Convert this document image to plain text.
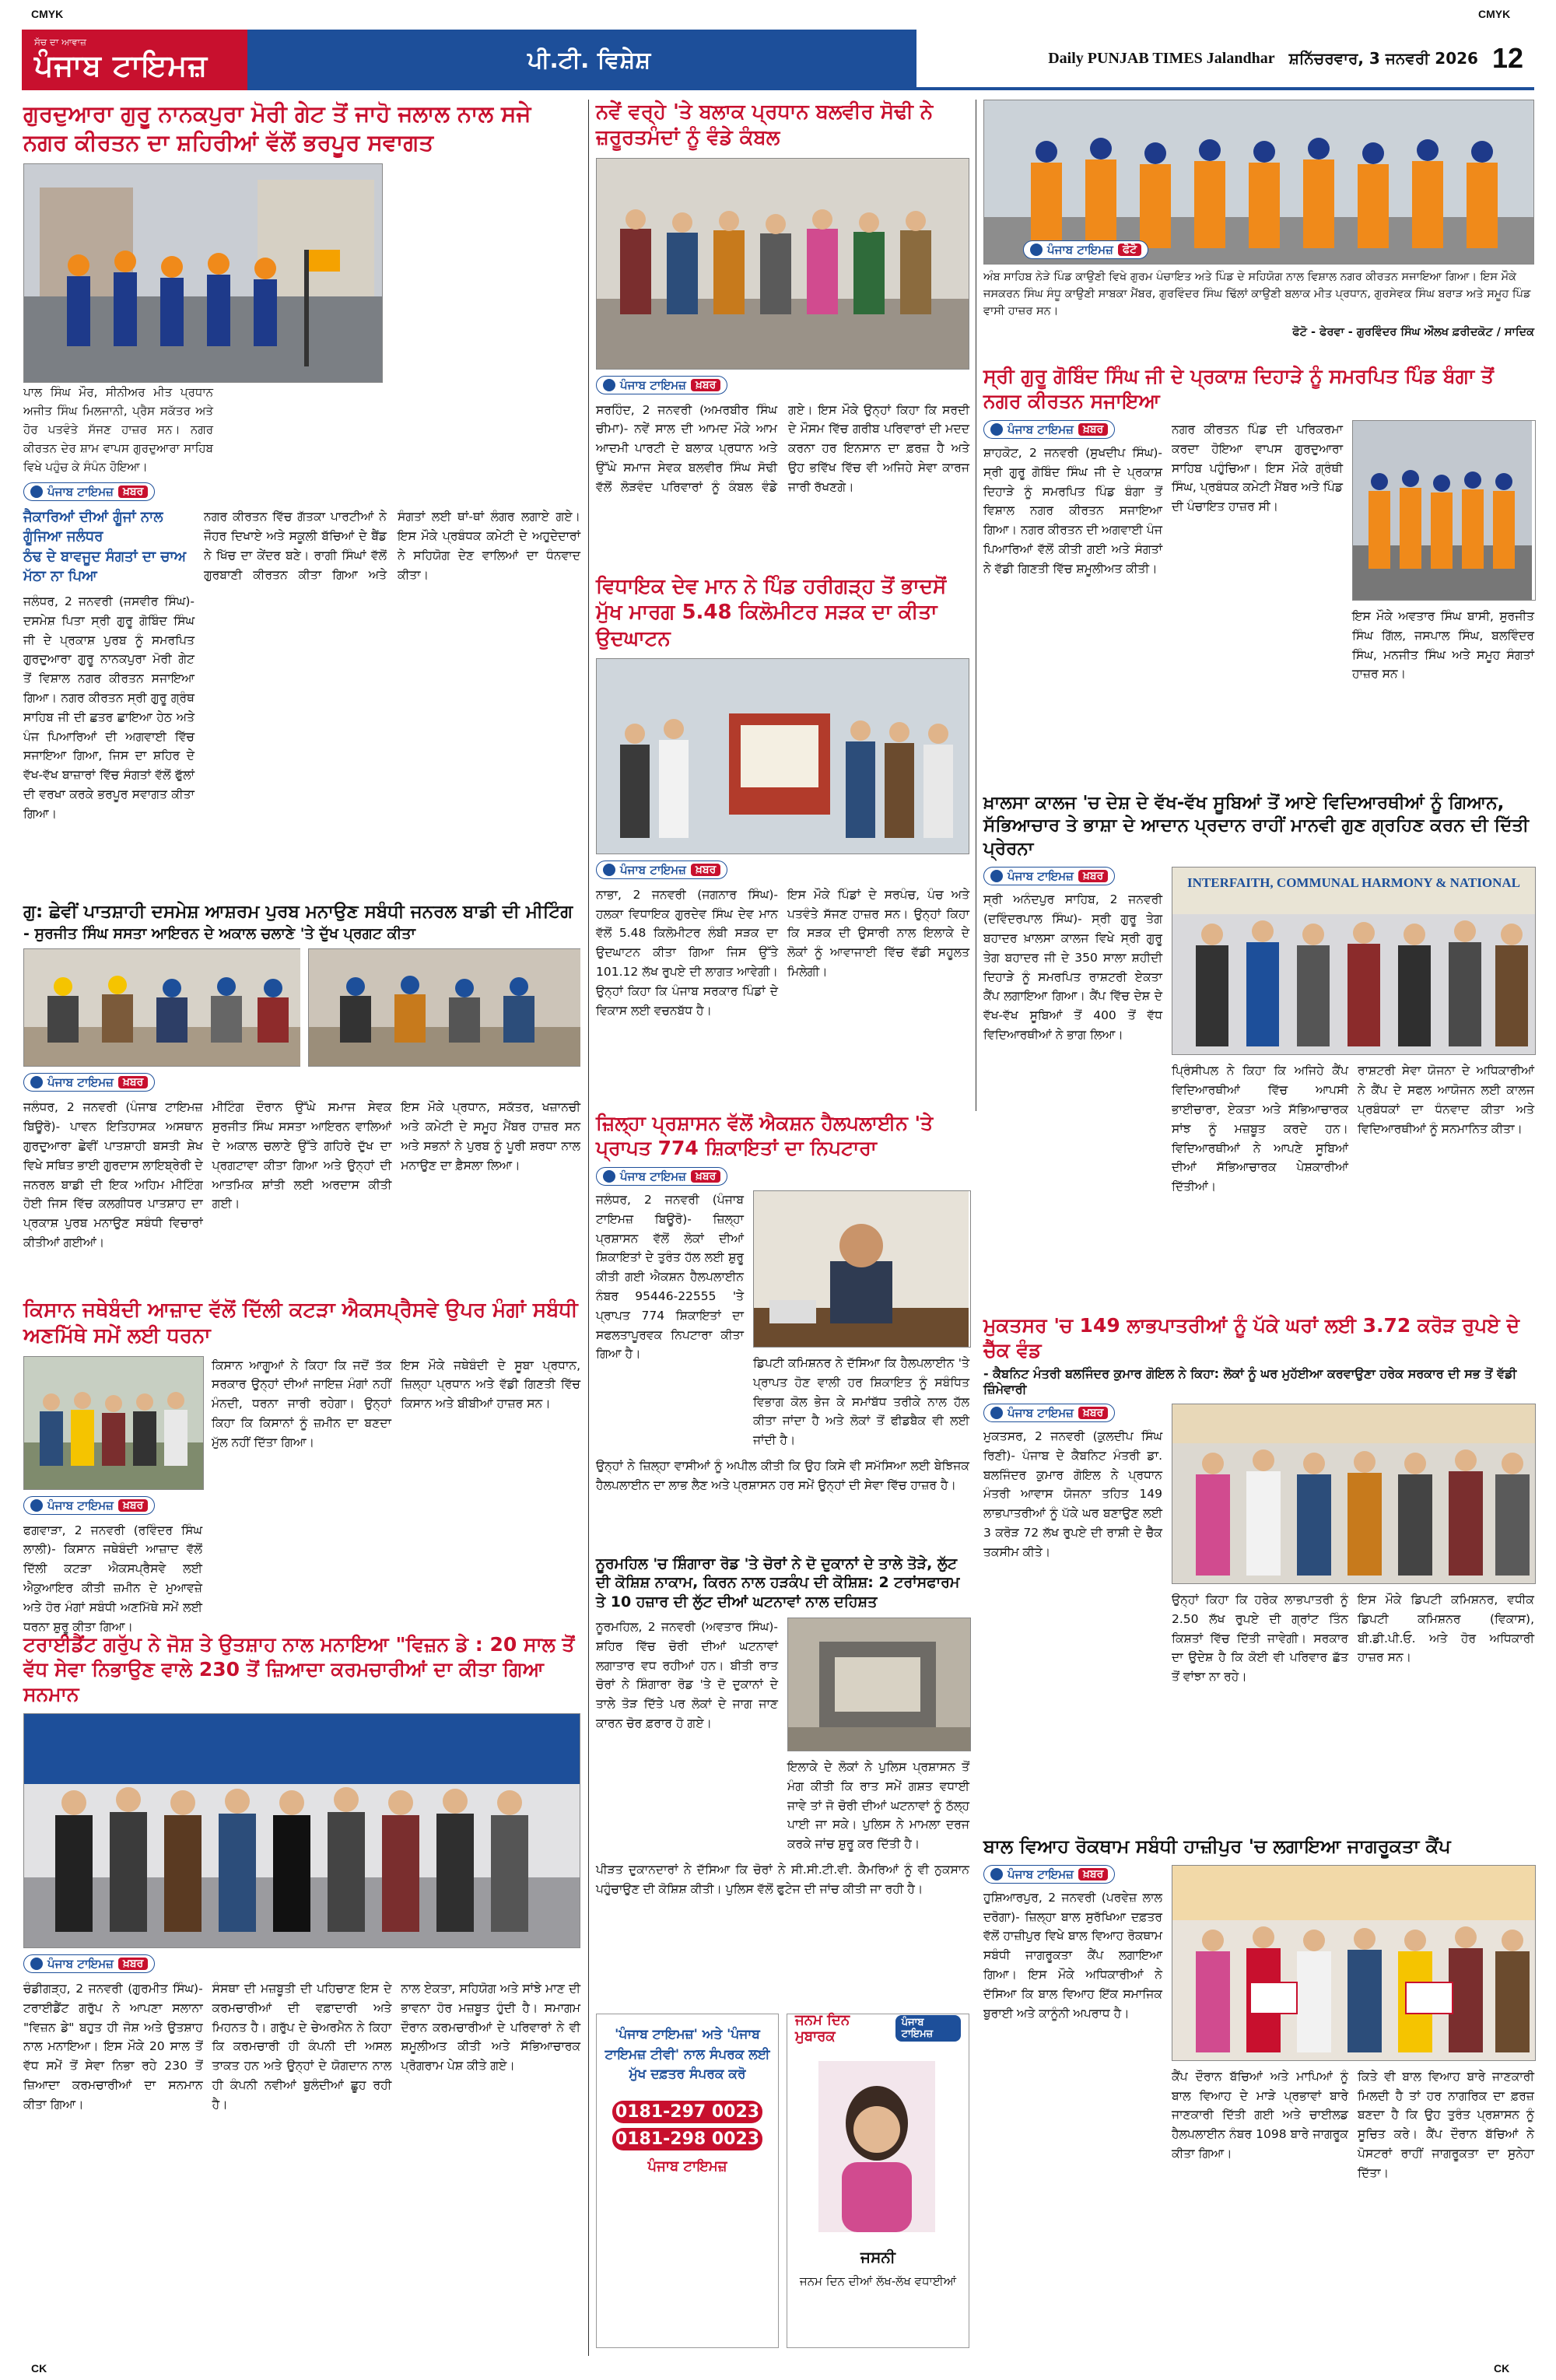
CMYK	CMYK
ਸੱਚ ਦਾ ਆਵਾਜ਼
ਪੰਜਾਬ ਟਾਇਮਜ਼	ਪੀ.ਟੀ. ਵਿਸ਼ੇਸ਼	Daily PUNJAB TIMES Jalandhar ਸ਼ਨਿੱਚਰਵਾਰ, 3 ਜਨਵਰੀ 2026 12
ਗੁਰਦੁਆਰਾ ਗੁਰੂ ਨਾਨਕਪੁਰਾ ਮੋਰੀ ਗੇਟ ਤੋਂ ਜਾਹੋ ਜਲਾਲ ਨਾਲ ਸਜੇ ਨਗਰ ਕੀਰਤਨ ਦਾ ਸ਼ਹਿਰੀਆਂ ਵੱਲੋਂ ਭਰਪੂਰ ਸਵਾਗਤ
ਪਾਲ ਸਿੰਘ ਮੌਰ, ਸੀਨੀਅਰ ਮੀਤ ਪ੍ਰਧਾਨ ਅਜੀਤ ਸਿੰਘ ਮਿਲਜਾਨੀ, ਪ੍ਰੈਸ ਸਕੱਤਰ ਅਤੇ ਹੋਰ ਪਤਵੰਤੇ ਸੱਜਣ ਹਾਜ਼ਰ ਸਨ। ਨਗਰ ਕੀਰਤਨ ਦੇਰ ਸ਼ਾਮ ਵਾਪਸ ਗੁਰਦੁਆਰਾ ਸਾਹਿਬ ਵਿਖੇ ਪਹੁੰਚ ਕੇ ਸੰਪੰਨ ਹੋਇਆ।
ਪੰਜਾਬ ਟਾਇਮਜ਼ ਖ਼ਬਰ
ਜੈਕਾਰਿਆਂ ਦੀਆਂ ਗੂੰਜਾਂ ਨਾਲ ਗੂੰਜਿਆ ਜਲੰਧਰ
ਠੰਢ ਦੇ ਬਾਵਜੂਦ ਸੰਗਤਾਂ ਦਾ ਚਾਅ ਮੱਠਾ ਨਾ ਪਿਆ
ਜਲੰਧਰ, 2 ਜਨਵਰੀ (ਜਸਵੀਰ ਸਿੰਘ)- ਦਸਮੇਸ਼ ਪਿਤਾ ਸ੍ਰੀ ਗੁਰੂ ਗੋਬਿੰਦ ਸਿੰਘ ਜੀ ਦੇ ਪ੍ਰਕਾਸ਼ ਪੁਰਬ ਨੂੰ ਸਮਰਪਿਤ ਗੁਰਦੁਆਰਾ ਗੁਰੂ ਨਾਨਕਪੁਰਾ ਮੋਰੀ ਗੇਟ ਤੋਂ ਵਿਸ਼ਾਲ ਨਗਰ ਕੀਰਤਨ ਸਜਾਇਆ ਗਿਆ। ਨਗਰ ਕੀਰਤਨ ਸ੍ਰੀ ਗੁਰੂ ਗ੍ਰੰਥ ਸਾਹਿਬ ਜੀ ਦੀ ਛਤਰ ਛਾਇਆ ਹੇਠ ਅਤੇ ਪੰਜ ਪਿਆਰਿਆਂ ਦੀ ਅਗਵਾਈ ਵਿੱਚ ਸਜਾਇਆ ਗਿਆ, ਜਿਸ ਦਾ ਸ਼ਹਿਰ ਦੇ ਵੱਖ-ਵੱਖ ਬਾਜ਼ਾਰਾਂ ਵਿੱਚ ਸੰਗਤਾਂ ਵੱਲੋਂ ਫੁੱਲਾਂ ਦੀ ਵਰਖਾ ਕਰਕੇ ਭਰਪੂਰ ਸਵਾਗਤ ਕੀਤਾ ਗਿਆ।
ਨਗਰ ਕੀਰਤਨ ਵਿੱਚ ਗੱਤਕਾ ਪਾਰਟੀਆਂ ਨੇ ਜੌਹਰ ਦਿਖਾਏ ਅਤੇ ਸਕੂਲੀ ਬੱਚਿਆਂ ਦੇ ਬੈਂਡ ਨੇ ਖਿੱਚ ਦਾ ਕੇਂਦਰ ਬਣੇ। ਰਾਗੀ ਸਿੰਘਾਂ ਵੱਲੋਂ ਗੁਰਬਾਣੀ ਕੀਰਤਨ ਕੀਤਾ ਗਿਆ ਅਤੇ ਸੰਗਤਾਂ ਲਈ ਥਾਂ-ਥਾਂ ਲੰਗਰ ਲਗਾਏ ਗਏ। ਇਸ ਮੌਕੇ ਪ੍ਰਬੰਧਕ ਕਮੇਟੀ ਦੇ ਅਹੁਦੇਦਾਰਾਂ ਨੇ ਸਹਿਯੋਗ ਦੇਣ ਵਾਲਿਆਂ ਦਾ ਧੰਨਵਾਦ ਕੀਤਾ।
ਨਵੇਂ ਵਰ੍ਹੇ 'ਤੇ ਬਲਾਕ ਪ੍ਰਧਾਨ ਬਲਵੀਰ ਸੋਢੀ ਨੇ ਜ਼ਰੂਰਤਮੰਦਾਂ ਨੂੰ ਵੰਡੇ ਕੰਬਲ
ਪੰਜਾਬ ਟਾਇਮਜ਼ ਖ਼ਬਰ
ਸਰਹਿੰਦ, 2 ਜਨਵਰੀ (ਅਮਰਬੀਰ ਸਿੰਘ ਚੀਮਾ)- ਨਵੇਂ ਸਾਲ ਦੀ ਆਮਦ ਮੌਕੇ ਆਮ ਆਦਮੀ ਪਾਰਟੀ ਦੇ ਬਲਾਕ ਪ੍ਰਧਾਨ ਅਤੇ ਉੱਘੇ ਸਮਾਜ ਸੇਵਕ ਬਲਵੀਰ ਸਿੰਘ ਸੋਢੀ ਵੱਲੋਂ ਲੋੜਵੰਦ ਪਰਿਵਾਰਾਂ ਨੂੰ ਕੰਬਲ ਵੰਡੇ ਗਏ। ਇਸ ਮੌਕੇ ਉਨ੍ਹਾਂ ਕਿਹਾ ਕਿ ਸਰਦੀ ਦੇ ਮੌਸਮ ਵਿੱਚ ਗਰੀਬ ਪਰਿਵਾਰਾਂ ਦੀ ਮਦਦ ਕਰਨਾ ਹਰ ਇਨਸਾਨ ਦਾ ਫ਼ਰਜ਼ ਹੈ ਅਤੇ ਉਹ ਭਵਿੱਖ ਵਿੱਚ ਵੀ ਅਜਿਹੇ ਸੇਵਾ ਕਾਰਜ ਜਾਰੀ ਰੱਖਣਗੇ।
ਵਿਧਾਇਕ ਦੇਵ ਮਾਨ ਨੇ ਪਿੰਡ ਹਰੀਗੜ੍ਹ ਤੋਂ ਭਾਦਸੋਂ ਮੁੱਖ ਮਾਰਗ 5.48 ਕਿਲੋਮੀਟਰ ਸੜਕ ਦਾ ਕੀਤਾ ਉਦਘਾਟਨ
ਪੰਜਾਬ ਟਾਇਮਜ਼ ਖ਼ਬਰ
ਨਾਭਾ, 2 ਜਨਵਰੀ (ਜਗਨਾਰ ਸਿੰਘ)- ਹਲਕਾ ਵਿਧਾਇਕ ਗੁਰਦੇਵ ਸਿੰਘ ਦੇਵ ਮਾਨ ਵੱਲੋਂ 5.48 ਕਿਲੋਮੀਟਰ ਲੰਬੀ ਸੜਕ ਦਾ ਉਦਘਾਟਨ ਕੀਤਾ ਗਿਆ ਜਿਸ ਉੱਤੇ 101.12 ਲੱਖ ਰੁਪਏ ਦੀ ਲਾਗਤ ਆਵੇਗੀ। ਉਨ੍ਹਾਂ ਕਿਹਾ ਕਿ ਪੰਜਾਬ ਸਰਕਾਰ ਪਿੰਡਾਂ ਦੇ ਵਿਕਾਸ ਲਈ ਵਚਨਬੱਧ ਹੈ।
ਇਸ ਮੌਕੇ ਪਿੰਡਾਂ ਦੇ ਸਰਪੰਚ, ਪੰਚ ਅਤੇ ਪਤਵੰਤੇ ਸੱਜਣ ਹਾਜ਼ਰ ਸਨ। ਉਨ੍ਹਾਂ ਕਿਹਾ ਕਿ ਸੜਕ ਦੀ ਉਸਾਰੀ ਨਾਲ ਇਲਾਕੇ ਦੇ ਲੋਕਾਂ ਨੂੰ ਆਵਾਜਾਈ ਵਿੱਚ ਵੱਡੀ ਸਹੂਲਤ ਮਿਲੇਗੀ।
ਪੰਜਾਬ ਟਾਇਮਜ਼ ਫੋਟੋ
ਅੰਬ ਸਾਹਿਬ ਨੇੜੇ ਪਿੰਡ ਕਾਉਣੀ ਵਿਖੇ ਗੁਰਮ ਪੰਚਾਇਤ ਅਤੇ ਪਿੰਡ ਦੇ ਸਹਿਯੋਗ ਨਾਲ ਵਿਸ਼ਾਲ ਨਗਰ ਕੀਰਤਨ ਸਜਾਇਆ ਗਿਆ। ਇਸ ਮੌਕੇ ਜਸਕਰਨ ਸਿੰਘ ਸੰਧੂ ਕਾਉਣੀ ਸਾਬਕਾ ਮੈਂਬਰ, ਗੁਰਵਿੰਦਰ ਸਿੰਘ ਢਿੱਲਾਂ ਕਾਉਣੀ ਬਲਾਕ ਮੀਤ ਪ੍ਰਧਾਨ, ਗੁਰਸੇਵਕ ਸਿੰਘ ਬਰਾੜ ਅਤੇ ਸਮੂਹ ਪਿੰਡ ਵਾਸੀ ਹਾਜ਼ਰ ਸਨ।
ਫੋਟੋ - ਫੇਰਵਾ - ਗੁਰਵਿੰਦਰ ਸਿੰਘ ਔਲਖ ਫ਼ਰੀਦਕੋਟ / ਸਾਦਿਕ
ਸ੍ਰੀ ਗੁਰੂ ਗੋਬਿੰਦ ਸਿੰਘ ਜੀ ਦੇ ਪ੍ਰਕਾਸ਼ ਦਿਹਾੜੇ ਨੂੰ ਸਮਰਪਿਤ ਪਿੰਡ ਬੰਗਾ ਤੋਂ ਨਗਰ ਕੀਰਤਨ ਸਜਾਇਆ
ਪੰਜਾਬ ਟਾਇਮਜ਼ ਖ਼ਬਰ
ਸ਼ਾਹਕੋਟ, 2 ਜਨਵਰੀ (ਸੁਖਦੀਪ ਸਿੰਘ)- ਸ੍ਰੀ ਗੁਰੂ ਗੋਬਿੰਦ ਸਿੰਘ ਜੀ ਦੇ ਪ੍ਰਕਾਸ਼ ਦਿਹਾੜੇ ਨੂੰ ਸਮਰਪਿਤ ਪਿੰਡ ਬੰਗਾ ਤੋਂ ਵਿਸ਼ਾਲ ਨਗਰ ਕੀਰਤਨ ਸਜਾਇਆ ਗਿਆ। ਨਗਰ ਕੀਰਤਨ ਦੀ ਅਗਵਾਈ ਪੰਜ ਪਿਆਰਿਆਂ ਵੱਲੋਂ ਕੀਤੀ ਗਈ ਅਤੇ ਸੰਗਤਾਂ ਨੇ ਵੱਡੀ ਗਿਣਤੀ ਵਿੱਚ ਸ਼ਮੂਲੀਅਤ ਕੀਤੀ।
ਨਗਰ ਕੀਰਤਨ ਪਿੰਡ ਦੀ ਪਰਿਕਰਮਾ ਕਰਦਾ ਹੋਇਆ ਵਾਪਸ ਗੁਰਦੁਆਰਾ ਸਾਹਿਬ ਪਹੁੰਚਿਆ। ਇਸ ਮੌਕੇ ਗ੍ਰੰਥੀ ਸਿੰਘ, ਪ੍ਰਬੰਧਕ ਕਮੇਟੀ ਮੈਂਬਰ ਅਤੇ ਪਿੰਡ ਦੀ ਪੰਚਾਇਤ ਹਾਜ਼ਰ ਸੀ।
ਇਸ ਮੌਕੇ ਅਵਤਾਰ ਸਿੰਘ ਬਾਸੀ, ਸੁਰਜੀਤ ਸਿੰਘ ਗਿੱਲ, ਜਸਪਾਲ ਸਿੰਘ, ਬਲਵਿੰਦਰ ਸਿੰਘ, ਮਨਜੀਤ ਸਿੰਘ ਅਤੇ ਸਮੂਹ ਸੰਗਤਾਂ ਹਾਜ਼ਰ ਸਨ।
ਗੁ: ਛੇਵੀਂ ਪਾਤਸ਼ਾਹੀ ਦਸਮੇਸ਼ ਆਸ਼ਰਮ ਪੁਰਬ ਮਨਾਉਣ ਸਬੰਧੀ ਜਨਰਲ ਬਾਡੀ ਦੀ ਮੀਟਿੰਗ
- ਸੁਰਜੀਤ ਸਿੰਘ ਸਸਤਾ ਆਇਰਨ ਦੇ ਅਕਾਲ ਚਲਾਣੇ 'ਤੇ ਦੁੱਖ ਪ੍ਰਗਟ ਕੀਤਾ
ਪੰਜਾਬ ਟਾਇਮਜ਼ ਖ਼ਬਰ
ਜਲੰਧਰ, 2 ਜਨਵਰੀ (ਪੰਜਾਬ ਟਾਇਮਜ਼ ਬਿਊਰੋ)- ਪਾਵਨ ਇਤਿਹਾਸਕ ਅਸਥਾਨ ਗੁਰਦੁਆਰਾ ਛੇਵੀਂ ਪਾਤਸ਼ਾਹੀ ਬਸਤੀ ਸ਼ੇਖ ਵਿਖੇ ਸਥਿਤ ਭਾਈ ਗੁਰਦਾਸ ਲਾਇਬ੍ਰੇਰੀ ਦੇ ਜਨਰਲ ਬਾਡੀ ਦੀ ਇਕ ਅਹਿਮ ਮੀਟਿੰਗ ਹੋਈ ਜਿਸ ਵਿੱਚ ਕਲਗੀਧਰ ਪਾਤਸ਼ਾਹ ਦਾ ਪ੍ਰਕਾਸ਼ ਪੁਰਬ ਮਨਾਉਣ ਸਬੰਧੀ ਵਿਚਾਰਾਂ ਕੀਤੀਆਂ ਗਈਆਂ।
ਮੀਟਿੰਗ ਦੌਰਾਨ ਉੱਘੇ ਸਮਾਜ ਸੇਵਕ ਸੁਰਜੀਤ ਸਿੰਘ ਸਸਤਾ ਆਇਰਨ ਵਾਲਿਆਂ ਦੇ ਅਕਾਲ ਚਲਾਣੇ ਉੱਤੇ ਗਹਿਰੇ ਦੁੱਖ ਦਾ ਪ੍ਰਗਟਾਵਾ ਕੀਤਾ ਗਿਆ ਅਤੇ ਉਨ੍ਹਾਂ ਦੀ ਆਤਮਿਕ ਸ਼ਾਂਤੀ ਲਈ ਅਰਦਾਸ ਕੀਤੀ ਗਈ।
ਇਸ ਮੌਕੇ ਪ੍ਰਧਾਨ, ਸਕੱਤਰ, ਖਜ਼ਾਨਚੀ ਅਤੇ ਕਮੇਟੀ ਦੇ ਸਮੂਹ ਮੈਂਬਰ ਹਾਜ਼ਰ ਸਨ ਅਤੇ ਸਭਨਾਂ ਨੇ ਪੁਰਬ ਨੂੰ ਪੂਰੀ ਸ਼ਰਧਾ ਨਾਲ ਮਨਾਉਣ ਦਾ ਫ਼ੈਸਲਾ ਲਿਆ।
ਖ਼ਾਲਸਾ ਕਾਲਜ 'ਚ ਦੇਸ਼ ਦੇ ਵੱਖ-ਵੱਖ ਸੂਬਿਆਂ ਤੋਂ ਆਏ ਵਿਦਿਆਰਥੀਆਂ ਨੂੰ ਗਿਆਨ, ਸੱਭਿਆਚਾਰ ਤੇ ਭਾਸ਼ਾ ਦੇ ਆਦਾਨ ਪ੍ਰਦਾਨ ਰਾਹੀਂ ਮਾਨਵੀ ਗੁਣ ਗ੍ਰਹਿਣ ਕਰਨ ਦੀ ਦਿੱਤੀ ਪ੍ਰੇਰਨਾ
ਪੰਜਾਬ ਟਾਇਮਜ਼ ਖ਼ਬਰ
ਸ੍ਰੀ ਅਨੰਦਪੁਰ ਸਾਹਿਬ, 2 ਜਨਵਰੀ (ਦਵਿੰਦਰਪਾਲ ਸਿੰਘ)- ਸ੍ਰੀ ਗੁਰੂ ਤੇਗ ਬਹਾਦਰ ਖ਼ਾਲਸਾ ਕਾਲਜ ਵਿਖੇ ਸ੍ਰੀ ਗੁਰੂ ਤੇਗ ਬਹਾਦਰ ਜੀ ਦੇ 350 ਸਾਲਾ ਸ਼ਹੀਦੀ ਦਿਹਾੜੇ ਨੂੰ ਸਮਰਪਿਤ ਰਾਸ਼ਟਰੀ ਏਕਤਾ ਕੈਂਪ ਲਗਾਇਆ ਗਿਆ। ਕੈਂਪ ਵਿੱਚ ਦੇਸ਼ ਦੇ ਵੱਖ-ਵੱਖ ਸੂਬਿਆਂ ਤੋਂ 400 ਤੋਂ ਵੱਧ ਵਿਦਿਆਰਥੀਆਂ ਨੇ ਭਾਗ ਲਿਆ।
INTERFAITH, COMMUNAL HARMONY & NATIONAL
ਪ੍ਰਿੰਸੀਪਲ ਨੇ ਕਿਹਾ ਕਿ ਅਜਿਹੇ ਕੈਂਪ ਵਿਦਿਆਰਥੀਆਂ ਵਿੱਚ ਆਪਸੀ ਭਾਈਚਾਰਾ, ਏਕਤਾ ਅਤੇ ਸੱਭਿਆਚਾਰਕ ਸਾਂਝ ਨੂੰ ਮਜ਼ਬੂਤ ਕਰਦੇ ਹਨ। ਵਿਦਿਆਰਥੀਆਂ ਨੇ ਆਪਣੇ ਸੂਬਿਆਂ ਦੀਆਂ ਸੱਭਿਆਚਾਰਕ ਪੇਸ਼ਕਾਰੀਆਂ ਦਿੱਤੀਆਂ।
ਰਾਸ਼ਟਰੀ ਸੇਵਾ ਯੋਜਨਾ ਦੇ ਅਧਿਕਾਰੀਆਂ ਨੇ ਕੈਂਪ ਦੇ ਸਫਲ ਆਯੋਜਨ ਲਈ ਕਾਲਜ ਪ੍ਰਬੰਧਕਾਂ ਦਾ ਧੰਨਵਾਦ ਕੀਤਾ ਅਤੇ ਵਿਦਿਆਰਥੀਆਂ ਨੂੰ ਸਨਮਾਨਿਤ ਕੀਤਾ।
ਜ਼ਿਲ੍ਹਾ ਪ੍ਰਸ਼ਾਸਨ ਵੱਲੋਂ ਐਕਸ਼ਨ ਹੈਲਪਲਾਈਨ 'ਤੇ ਪ੍ਰਾਪਤ 774 ਸ਼ਿਕਾਇਤਾਂ ਦਾ ਨਿਪਟਾਰਾ
ਪੰਜਾਬ ਟਾਇਮਜ਼ ਖ਼ਬਰ
ਜਲੰਧਰ, 2 ਜਨਵਰੀ (ਪੰਜਾਬ ਟਾਇਮਜ਼ ਬਿਊਰੋ)- ਜ਼ਿਲ੍ਹਾ ਪ੍ਰਸ਼ਾਸਨ ਵੱਲੋਂ ਲੋਕਾਂ ਦੀਆਂ ਸ਼ਿਕਾਇਤਾਂ ਦੇ ਤੁਰੰਤ ਹੱਲ ਲਈ ਸ਼ੁਰੂ ਕੀਤੀ ਗਈ ਐਕਸ਼ਨ ਹੈਲਪਲਾਈਨ ਨੰਬਰ 95446-22555 'ਤੇ ਪ੍ਰਾਪਤ 774 ਸ਼ਿਕਾਇਤਾਂ ਦਾ ਸਫਲਤਾਪੂਰਵਕ ਨਿਪਟਾਰਾ ਕੀਤਾ ਗਿਆ ਹੈ।
ਡਿਪਟੀ ਕਮਿਸ਼ਨਰ ਨੇ ਦੱਸਿਆ ਕਿ ਹੈਲਪਲਾਈਨ 'ਤੇ ਪ੍ਰਾਪਤ ਹੋਣ ਵਾਲੀ ਹਰ ਸ਼ਿਕਾਇਤ ਨੂੰ ਸਬੰਧਿਤ ਵਿਭਾਗ ਕੋਲ ਭੇਜ ਕੇ ਸਮਾਂਬੱਧ ਤਰੀਕੇ ਨਾਲ ਹੱਲ ਕੀਤਾ ਜਾਂਦਾ ਹੈ ਅਤੇ ਲੋਕਾਂ ਤੋਂ ਫੀਡਬੈਕ ਵੀ ਲਈ ਜਾਂਦੀ ਹੈ।
ਉਨ੍ਹਾਂ ਨੇ ਜ਼ਿਲ੍ਹਾ ਵਾਸੀਆਂ ਨੂੰ ਅਪੀਲ ਕੀਤੀ ਕਿ ਉਹ ਕਿਸੇ ਵੀ ਸਮੱਸਿਆ ਲਈ ਬੇਝਿਜਕ ਹੈਲਪਲਾਈਨ ਦਾ ਲਾਭ ਲੈਣ ਅਤੇ ਪ੍ਰਸ਼ਾਸਨ ਹਰ ਸਮੇਂ ਉਨ੍ਹਾਂ ਦੀ ਸੇਵਾ ਵਿੱਚ ਹਾਜ਼ਰ ਹੈ।
ਕਿਸਾਨ ਜਥੇਬੰਦੀ ਆਜ਼ਾਦ ਵੱਲੋਂ ਦਿੱਲੀ ਕਟੜਾ ਐਕਸਪ੍ਰੈਸਵੇ ਉਪਰ ਮੰਗਾਂ ਸਬੰਧੀ ਅਣਮਿੱਥੇ ਸਮੇਂ ਲਈ ਧਰਨਾ
ਪੰਜਾਬ ਟਾਇਮਜ਼ ਖ਼ਬਰ
ਫਗਵਾੜਾ, 2 ਜਨਵਰੀ (ਰਵਿੰਦਰ ਸਿੰਘ ਲਾਲੀ)- ਕਿਸਾਨ ਜਥੇਬੰਦੀ ਆਜ਼ਾਦ ਵੱਲੋਂ ਦਿੱਲੀ ਕਟੜਾ ਐਕਸਪ੍ਰੈਸਵੇ ਲਈ ਐਕੁਆਇਰ ਕੀਤੀ ਜ਼ਮੀਨ ਦੇ ਮੁਆਵਜ਼ੇ ਅਤੇ ਹੋਰ ਮੰਗਾਂ ਸਬੰਧੀ ਅਣਮਿੱਥੇ ਸਮੇਂ ਲਈ ਧਰਨਾ ਸ਼ੁਰੂ ਕੀਤਾ ਗਿਆ।
ਕਿਸਾਨ ਆਗੂਆਂ ਨੇ ਕਿਹਾ ਕਿ ਜਦੋਂ ਤੱਕ ਸਰਕਾਰ ਉਨ੍ਹਾਂ ਦੀਆਂ ਜਾਇਜ਼ ਮੰਗਾਂ ਨਹੀਂ ਮੰਨਦੀ, ਧਰਨਾ ਜਾਰੀ ਰਹੇਗਾ। ਉਨ੍ਹਾਂ ਕਿਹਾ ਕਿ ਕਿਸਾਨਾਂ ਨੂੰ ਜ਼ਮੀਨ ਦਾ ਬਣਦਾ ਮੁੱਲ ਨਹੀਂ ਦਿੱਤਾ ਗਿਆ।
ਇਸ ਮੌਕੇ ਜਥੇਬੰਦੀ ਦੇ ਸੂਬਾ ਪ੍ਰਧਾਨ, ਜ਼ਿਲ੍ਹਾ ਪ੍ਰਧਾਨ ਅਤੇ ਵੱਡੀ ਗਿਣਤੀ ਵਿੱਚ ਕਿਸਾਨ ਅਤੇ ਬੀਬੀਆਂ ਹਾਜ਼ਰ ਸਨ।
ਮੁਕਤਸਰ 'ਚ 149 ਲਾਭਪਾਤਰੀਆਂ ਨੂੰ ਪੱਕੇ ਘਰਾਂ ਲਈ 3.72 ਕਰੋੜ ਰੁਪਏ ਦੇ ਚੈੱਕ ਵੰਡ
- ਕੈਬਨਿਟ ਮੰਤਰੀ ਬਲਜਿੰਦਰ ਕੁਮਾਰ ਗੋਇਲ ਨੇ ਕਿਹਾ: ਲੋਕਾਂ ਨੂੰ ਘਰ ਮੁਹੱਈਆ ਕਰਵਾਉਣਾ ਹਰੇਕ ਸਰਕਾਰ ਦੀ ਸਭ ਤੋਂ ਵੱਡੀ ਜ਼ਿੰਮੇਵਾਰੀ
ਪੰਜਾਬ ਟਾਇਮਜ਼ ਖ਼ਬਰ
ਮੁਕਤਸਰ, 2 ਜਨਵਰੀ (ਕੁਲਦੀਪ ਸਿੰਘ ਰਿਣੀ)- ਪੰਜਾਬ ਦੇ ਕੈਬਨਿਟ ਮੰਤਰੀ ਡਾ. ਬਲਜਿੰਦਰ ਕੁਮਾਰ ਗੋਇਲ ਨੇ ਪ੍ਰਧਾਨ ਮੰਤਰੀ ਆਵਾਸ ਯੋਜਨਾ ਤਹਿਤ 149 ਲਾਭਪਾਤਰੀਆਂ ਨੂੰ ਪੱਕੇ ਘਰ ਬਣਾਉਣ ਲਈ 3 ਕਰੋੜ 72 ਲੱਖ ਰੁਪਏ ਦੀ ਰਾਸ਼ੀ ਦੇ ਚੈੱਕ ਤਕਸੀਮ ਕੀਤੇ।
ਉਨ੍ਹਾਂ ਕਿਹਾ ਕਿ ਹਰੇਕ ਲਾਭਪਾਤਰੀ ਨੂੰ 2.50 ਲੱਖ ਰੁਪਏ ਦੀ ਗ੍ਰਾਂਟ ਤਿੰਨ ਕਿਸ਼ਤਾਂ ਵਿੱਚ ਦਿੱਤੀ ਜਾਵੇਗੀ। ਸਰਕਾਰ ਦਾ ਉਦੇਸ਼ ਹੈ ਕਿ ਕੋਈ ਵੀ ਪਰਿਵਾਰ ਛੱਤ ਤੋਂ ਵਾਂਝਾ ਨਾ ਰਹੇ।
ਇਸ ਮੌਕੇ ਡਿਪਟੀ ਕਮਿਸ਼ਨਰ, ਵਧੀਕ ਡਿਪਟੀ ਕਮਿਸ਼ਨਰ (ਵਿਕਾਸ), ਬੀ.ਡੀ.ਪੀ.ਓ. ਅਤੇ ਹੋਰ ਅਧਿਕਾਰੀ ਹਾਜ਼ਰ ਸਨ।
ਨੂਰਮਹਿਲ 'ਚ ਸ਼ਿੰਗਾਰਾ ਰੋਡ 'ਤੇ ਚੋਰਾਂ ਨੇ ਦੋ ਦੁਕਾਨਾਂ ਦੇ ਤਾਲੇ ਤੋੜੇ, ਲੁੱਟ ਦੀ ਕੋਸ਼ਿਸ਼ ਨਾਕਾਮ, ਕਿਰਨ ਨਾਲ ਹੜਕੰਪ ਦੀ ਕੋਸ਼ਿਸ਼: 2 ਟਰਾਂਸਫਾਰਮ ਤੇ 10 ਹਜ਼ਾਰ ਦੀ ਲੁੱਟ ਦੀਆਂ ਘਟਨਾਵਾਂ ਨਾਲ ਦਹਿਸ਼ਤ
ਨੂਰਮਹਿਲ, 2 ਜਨਵਰੀ (ਅਵਤਾਰ ਸਿੰਘ)- ਸ਼ਹਿਰ ਵਿੱਚ ਚੋਰੀ ਦੀਆਂ ਘਟਨਾਵਾਂ ਲਗਾਤਾਰ ਵਧ ਰਹੀਆਂ ਹਨ। ਬੀਤੀ ਰਾਤ ਚੋਰਾਂ ਨੇ ਸ਼ਿੰਗਾਰਾ ਰੋਡ 'ਤੇ ਦੋ ਦੁਕਾਨਾਂ ਦੇ ਤਾਲੇ ਤੋੜ ਦਿੱਤੇ ਪਰ ਲੋਕਾਂ ਦੇ ਜਾਗ ਜਾਣ ਕਾਰਨ ਚੋਰ ਫ਼ਰਾਰ ਹੋ ਗਏ।
ਇਲਾਕੇ ਦੇ ਲੋਕਾਂ ਨੇ ਪੁਲਿਸ ਪ੍ਰਸ਼ਾਸਨ ਤੋਂ ਮੰਗ ਕੀਤੀ ਕਿ ਰਾਤ ਸਮੇਂ ਗਸ਼ਤ ਵਧਾਈ ਜਾਵੇ ਤਾਂ ਜੋ ਚੋਰੀ ਦੀਆਂ ਘਟਨਾਵਾਂ ਨੂੰ ਠੱਲ੍ਹ ਪਾਈ ਜਾ ਸਕੇ। ਪੁਲਿਸ ਨੇ ਮਾਮਲਾ ਦਰਜ ਕਰਕੇ ਜਾਂਚ ਸ਼ੁਰੂ ਕਰ ਦਿੱਤੀ ਹੈ।
ਪੀੜਤ ਦੁਕਾਨਦਾਰਾਂ ਨੇ ਦੱਸਿਆ ਕਿ ਚੋਰਾਂ ਨੇ ਸੀ.ਸੀ.ਟੀ.ਵੀ. ਕੈਮਰਿਆਂ ਨੂੰ ਵੀ ਨੁਕਸਾਨ ਪਹੁੰਚਾਉਣ ਦੀ ਕੋਸ਼ਿਸ਼ ਕੀਤੀ। ਪੁਲਿਸ ਵੱਲੋਂ ਫੁਟੇਜ ਦੀ ਜਾਂਚ ਕੀਤੀ ਜਾ ਰਹੀ ਹੈ।
ਟਰਾਈਡੈਂਟ ਗਰੁੱਪ ਨੇ ਜੋਸ਼ ਤੇ ਉਤਸ਼ਾਹ ਨਾਲ ਮਨਾਇਆ "ਵਿਜ਼ਨ ਡੇ : 20 ਸਾਲ ਤੋਂ ਵੱਧ ਸੇਵਾ ਨਿਭਾਉਣ ਵਾਲੇ 230 ਤੋਂ ਜ਼ਿਆਦਾ ਕਰਮਚਾਰੀਆਂ ਦਾ ਕੀਤਾ ਗਿਆ ਸਨਮਾਨ
ਪੰਜਾਬ ਟਾਇਮਜ਼ ਖ਼ਬਰ
ਚੰਡੀਗੜ੍ਹ, 2 ਜਨਵਰੀ (ਗੁਰਮੀਤ ਸਿੰਘ)- ਟਰਾਈਡੈਂਟ ਗਰੁੱਪ ਨੇ ਆਪਣਾ ਸਲਾਨਾ "ਵਿਜ਼ਨ ਡੇ" ਬਹੁਤ ਹੀ ਜੋਸ਼ ਅਤੇ ਉਤਸ਼ਾਹ ਨਾਲ ਮਨਾਇਆ। ਇਸ ਮੌਕੇ 20 ਸਾਲ ਤੋਂ ਵੱਧ ਸਮੇਂ ਤੋਂ ਸੇਵਾ ਨਿਭਾ ਰਹੇ 230 ਤੋਂ ਜ਼ਿਆਦਾ ਕਰਮਚਾਰੀਆਂ ਦਾ ਸਨਮਾਨ ਕੀਤਾ ਗਿਆ।
ਸੰਸਥਾ ਦੀ ਮਜ਼ਬੂਤੀ ਦੀ ਪਹਿਚਾਣ ਇਸ ਦੇ ਕਰਮਚਾਰੀਆਂ ਦੀ ਵਫ਼ਾਦਾਰੀ ਅਤੇ ਮਿਹਨਤ ਹੈ। ਗਰੁੱਪ ਦੇ ਚੇਅਰਮੈਨ ਨੇ ਕਿਹਾ ਕਿ ਕਰਮਚਾਰੀ ਹੀ ਕੰਪਨੀ ਦੀ ਅਸਲ ਤਾਕਤ ਹਨ ਅਤੇ ਉਨ੍ਹਾਂ ਦੇ ਯੋਗਦਾਨ ਨਾਲ ਹੀ ਕੰਪਨੀ ਨਵੀਆਂ ਬੁਲੰਦੀਆਂ ਛੂਹ ਰਹੀ ਹੈ।
ਨਾਲ ਏਕਤਾ, ਸਹਿਯੋਗ ਅਤੇ ਸਾਂਝੇ ਮਾਣ ਦੀ ਭਾਵਨਾ ਹੋਰ ਮਜ਼ਬੂਤ ਹੁੰਦੀ ਹੈ। ਸਮਾਗਮ ਦੌਰਾਨ ਕਰਮਚਾਰੀਆਂ ਦੇ ਪਰਿਵਾਰਾਂ ਨੇ ਵੀ ਸ਼ਮੂਲੀਅਤ ਕੀਤੀ ਅਤੇ ਸੱਭਿਆਚਾਰਕ ਪ੍ਰੋਗਰਾਮ ਪੇਸ਼ ਕੀਤੇ ਗਏ।
'ਪੰਜਾਬ ਟਾਇਮਜ਼' ਅਤੇ 'ਪੰਜਾਬ ਟਾਇਮਜ਼ ਟੀਵੀ' ਨਾਲ ਸੰਪਰਕ ਲਈ ਮੁੱਖ ਦਫ਼ਤਰ ਸੰਪਰਕ ਕਰੋ
0181-297 0023
0181-298 0023
ਪੰਜਾਬ ਟਾਇਮਜ਼
ਜਨਮ ਦਿਨ ਮੁਬਾਰਕ
ਪੰਜਾਬ ਟਾਇਮਜ਼
ਜਸਨੀ
ਜਨਮ ਦਿਨ ਦੀਆਂ ਲੱਖ-ਲੱਖ ਵਧਾਈਆਂ
ਬਾਲ ਵਿਆਹ ਰੋਕਥਾਮ ਸਬੰਧੀ ਹਾਜ਼ੀਪੁਰ 'ਚ ਲਗਾਇਆ ਜਾਗਰੂਕਤਾ ਕੈਂਪ
ਪੰਜਾਬ ਟਾਇਮਜ਼ ਖ਼ਬਰ
ਹੁਸ਼ਿਆਰਪੁਰ, 2 ਜਨਵਰੀ (ਪਰਵੇਜ਼ ਲਾਲ ਦਰੋਗਾ)- ਜ਼ਿਲ੍ਹਾ ਬਾਲ ਸੁਰੱਖਿਆ ਦਫ਼ਤਰ ਵੱਲੋਂ ਹਾਜ਼ੀਪੁਰ ਵਿਖੇ ਬਾਲ ਵਿਆਹ ਰੋਕਥਾਮ ਸਬੰਧੀ ਜਾਗਰੂਕਤਾ ਕੈਂਪ ਲਗਾਇਆ ਗਿਆ। ਇਸ ਮੌਕੇ ਅਧਿਕਾਰੀਆਂ ਨੇ ਦੱਸਿਆ ਕਿ ਬਾਲ ਵਿਆਹ ਇੱਕ ਸਮਾਜਿਕ ਬੁਰਾਈ ਅਤੇ ਕਾਨੂੰਨੀ ਅਪਰਾਧ ਹੈ।
ਕੈਂਪ ਦੌਰਾਨ ਬੱਚਿਆਂ ਅਤੇ ਮਾਪਿਆਂ ਨੂੰ ਬਾਲ ਵਿਆਹ ਦੇ ਮਾੜੇ ਪ੍ਰਭਾਵਾਂ ਬਾਰੇ ਜਾਣਕਾਰੀ ਦਿੱਤੀ ਗਈ ਅਤੇ ਚਾਈਲਡ ਹੈਲਪਲਾਈਨ ਨੰਬਰ 1098 ਬਾਰੇ ਜਾਗਰੂਕ ਕੀਤਾ ਗਿਆ।
ਕਿਤੇ ਵੀ ਬਾਲ ਵਿਆਹ ਬਾਰੇ ਜਾਣਕਾਰੀ ਮਿਲਦੀ ਹੈ ਤਾਂ ਹਰ ਨਾਗਰਿਕ ਦਾ ਫ਼ਰਜ਼ ਬਣਦਾ ਹੈ ਕਿ ਉਹ ਤੁਰੰਤ ਪ੍ਰਸ਼ਾਸਨ ਨੂੰ ਸੂਚਿਤ ਕਰੇ। ਕੈਂਪ ਦੌਰਾਨ ਬੱਚਿਆਂ ਨੇ ਪੋਸਟਰਾਂ ਰਾਹੀਂ ਜਾਗਰੂਕਤਾ ਦਾ ਸੁਨੇਹਾ ਦਿੱਤਾ।
CK	CK
